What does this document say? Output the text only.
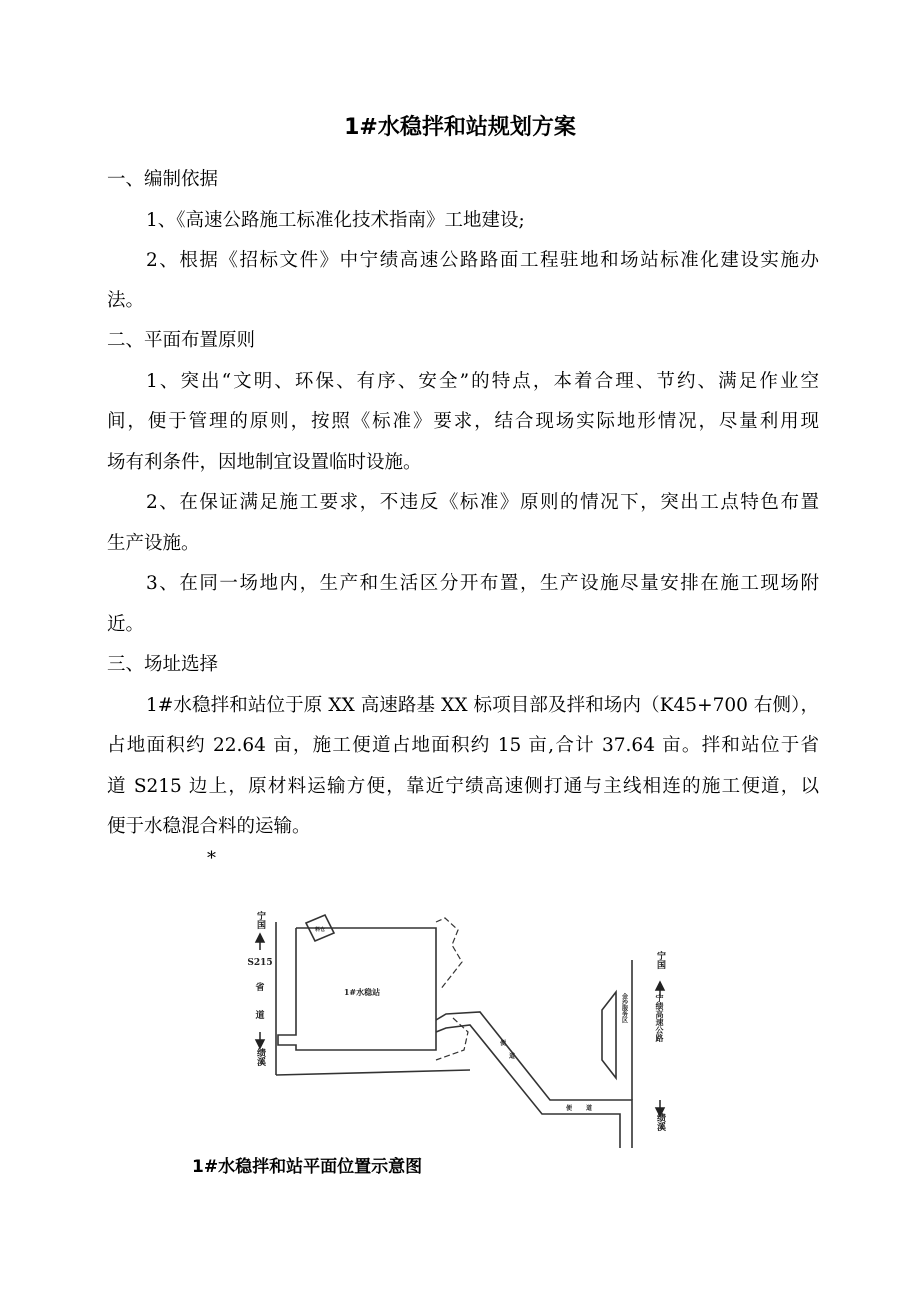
1#水稳拌和站规划方案
一、编制依据
1、《高速公路施工标准化技术指南》工地建设;
2、根据《招标文件》中宁绩高速公路路面工程驻地和场站标准化建设实施办
法。
二、平面布置原则
1、突出“文明、环保、有序、安全”的特点，本着合理、节约、满足作业空
间，便于管理的原则，按照《标准》要求，结合现场实际地形情况，尽量利用现
场有利条件，因地制宜设置临时设施。
2、在保证满足施工要求，不违反《标准》原则的情况下，突出工点特色布置
生产设施。
3、在同一场地内，生产和生活区分开布置，生产设施尽量安排在施工现场附
近。
三、场址选择
1#水稳拌和站位于原 XX 高速路基 XX 标项目部及拌和场内（K45+700 右侧），
占地面积约 22.64 亩，施工便道占地面积约 15 亩,合计 37.64 亩。拌和站位于省
道 S215 边上，原材料运输方便，靠近宁绩高速侧打通与主线相连的施工便道，以
便于水稳混合料的运输。
*
宁国
S215
省
道
绩溪
1#水稳站
料仓
便
道
便 道
金沙服务区
宁国
宁绩高速公路
绩溪
1#水稳拌和站平面位置示意图
